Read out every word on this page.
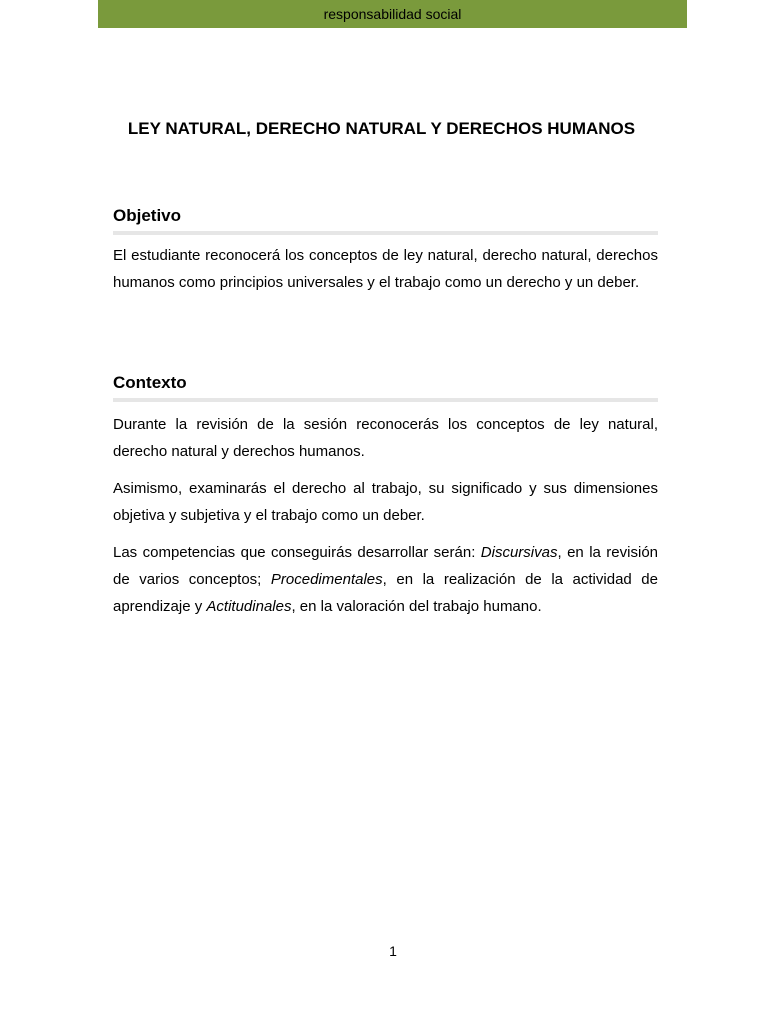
responsabilidad social
LEY NATURAL, DERECHO NATURAL Y DERECHOS HUMANOS
Objetivo

El estudiante reconocerá los conceptos de ley natural, derecho natural, derechos humanos como principios universales y el trabajo como un derecho y un deber.

Contexto

Durante la revisión de la sesión reconocerás los conceptos de ley natural, derecho natural y derechos humanos.

Asimismo, examinarás el derecho al trabajo, su significado y sus dimensiones objetiva y subjetiva y el trabajo como un deber.

Las competencias que conseguirás desarrollar serán: Discursivas, en la revisión de varios conceptos; Procedimentales, en la realización de la actividad de aprendizaje y Actitudinales, en la valoración del trabajo humano.

1
